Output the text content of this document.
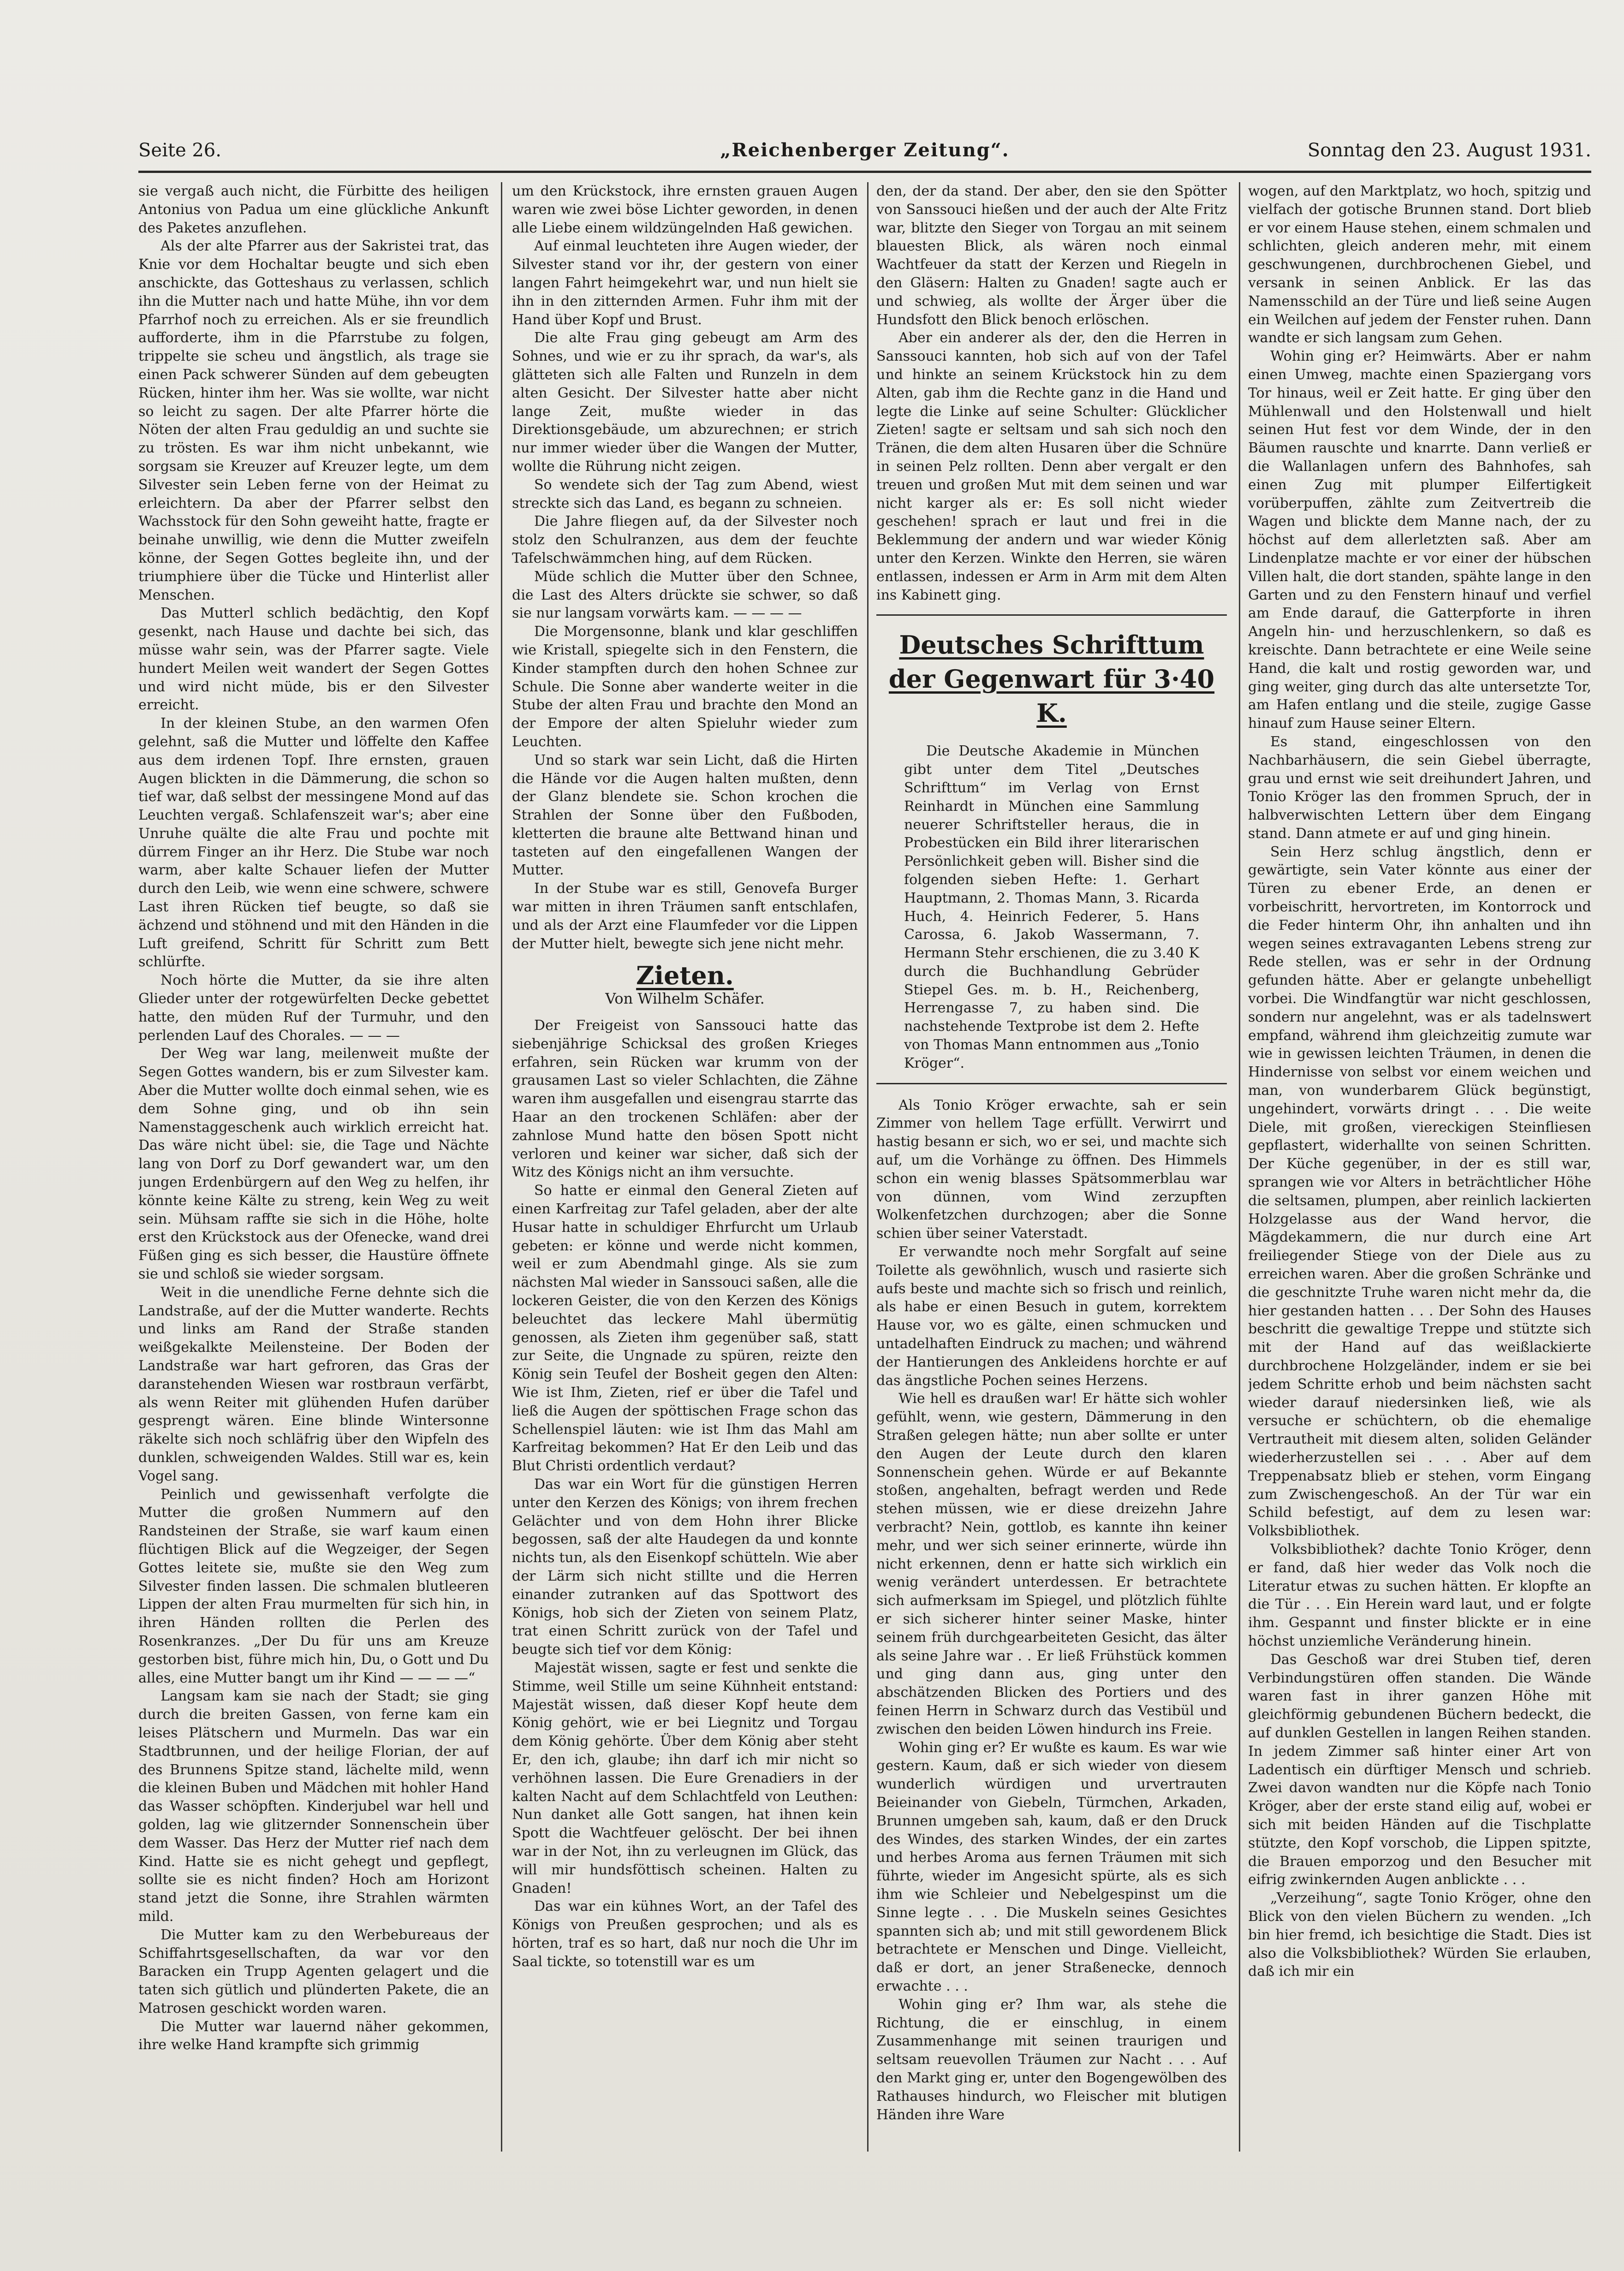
Seite 26.	„Reichenberger Zeitung“.	Sonntag den 23. August 1931.

sie vergaß auch nicht, die Fürbitte des heiligen Antonius von Padua um eine glückliche Ankunft des Paketes anzuflehen.

Als der alte Pfarrer aus der Sakristei trat, das Knie vor dem Hochaltar beugte und sich eben anschickte, das Gotteshaus zu verlassen, schlich ihn die Mutter nach und hatte Mühe, ihn vor dem Pfarrhof noch zu erreichen. Als er sie freundlich aufforderte, ihm in die Pfarrstube zu folgen, trippelte sie scheu und ängstlich, als trage sie einen Pack schwerer Sünden auf dem gebeugten Rücken, hinter ihm her. Was sie wollte, war nicht so leicht zu sagen. Der alte Pfarrer hörte die Nöten der alten Frau geduldig an und suchte sie zu trösten. Es war ihm nicht unbekannt, wie sorgsam sie Kreuzer auf Kreuzer legte, um dem Silvester sein Leben ferne von der Heimat zu erleichtern. Da aber der Pfarrer selbst den Wachsstock für den Sohn geweiht hatte, fragte er beinahe unwillig, wie denn die Mutter zweifeln könne, der Segen Gottes begleite ihn, und der triumphiere über die Tücke und Hinterlist aller Menschen.

Das Mutterl schlich bedächtig, den Kopf gesenkt, nach Hause und dachte bei sich, das müsse wahr sein, was der Pfarrer sagte. Viele hundert Meilen weit wandert der Segen Gottes und wird nicht müde, bis er den Silvester erreicht.

In der kleinen Stube, an den warmen Ofen gelehnt, saß die Mutter und löffelte den Kaffee aus dem irdenen Topf. Ihre ernsten, grauen Augen blickten in die Dämmerung, die schon so tief war, daß selbst der messingene Mond auf das Leuchten vergaß. Schlafenszeit war's; aber eine Unruhe quälte die alte Frau und pochte mit dürrem Finger an ihr Herz. Die Stube war noch warm, aber kalte Schauer liefen der Mutter durch den Leib, wie wenn eine schwere, schwere Last ihren Rücken tief beugte, so daß sie ächzend und stöhnend und mit den Händen in die Luft greifend, Schritt für Schritt zum Bett schlürfte.

Noch hörte die Mutter, da sie ihre alten Glieder unter der rotgewürfelten Decke gebettet hatte, den müden Ruf der Turmuhr, und den perlenden Lauf des Chorales. — — —

Der Weg war lang, meilenweit mußte der Segen Gottes wandern, bis er zum Silvester kam. Aber die Mutter wollte doch einmal sehen, wie es dem Sohne ging, und ob ihn sein Namenstaggeschenk auch wirklich erreicht hat. Das wäre nicht übel: sie, die Tage und Nächte lang von Dorf zu Dorf gewandert war, um den jungen Erdenbürgern auf den Weg zu helfen, ihr könnte keine Kälte zu streng, kein Weg zu weit sein. Mühsam raffte sie sich in die Höhe, holte erst den Krückstock aus der Ofenecke, wand drei Füßen ging es sich besser, die Haustüre öffnete sie und schloß sie wieder sorgsam.

Weit in die unendliche Ferne dehnte sich die Landstraße, auf der die Mutter wanderte. Rechts und links am Rand der Straße standen weißgekalkte Meilensteine. Der Boden der Landstraße war hart gefroren, das Gras der daranstehenden Wiesen war rostbraun verfärbt, als wenn Reiter mit glühenden Hufen darüber gesprengt wären. Eine blinde Wintersonne räkelte sich noch schläfrig über den Wipfeln des dunklen, schweigenden Waldes. Still war es, kein Vogel sang.

Peinlich und gewissenhaft verfolgte die Mutter die großen Nummern auf den Randsteinen der Straße, sie warf kaum einen flüchtigen Blick auf die Wegzeiger, der Segen Gottes leitete sie, mußte sie den Weg zum Silvester finden lassen. Die schmalen blutleeren Lippen der alten Frau murmelten für sich hin, in ihren Händen rollten die Perlen des Rosenkranzes. „Der Du für uns am Kreuze gestorben bist, führe mich hin, Du, o Gott und Du alles, eine Mutter bangt um ihr Kind — — — —“

Langsam kam sie nach der Stadt; sie ging durch die breiten Gassen, von ferne kam ein leises Plätschern und Murmeln. Das war ein Stadtbrunnen, und der heilige Florian, der auf des Brunnens Spitze stand, lächelte mild, wenn die kleinen Buben und Mädchen mit hohler Hand das Wasser schöpften. Kinderjubel war hell und golden, lag wie glitzernder Sonnenschein über dem Wasser. Das Herz der Mutter rief nach dem Kind. Hatte sie es nicht gehegt und gepflegt, sollte sie es nicht finden? Hoch am Horizont stand jetzt die Sonne, ihre Strahlen wärmten mild.

Die Mutter kam zu den Werbebureaus der Schiffahrtsgesellschaften, da war vor den Baracken ein Trupp Agenten gelagert und die taten sich gütlich und plünderten Pakete, die an Matrosen geschickt worden waren.

Die Mutter war lauernd näher gekommen, ihre welke Hand krampfte sich grimmig

um den Krückstock, ihre ernsten grauen Augen waren wie zwei böse Lichter geworden, in denen alle Liebe einem wildzüngelnden Haß gewichen.

Auf einmal leuchteten ihre Augen wieder, der Silvester stand vor ihr, der gestern von einer langen Fahrt heimgekehrt war, und nun hielt sie ihn in den zitternden Armen. Fuhr ihm mit der Hand über Kopf und Brust.

Die alte Frau ging gebeugt am Arm des Sohnes, und wie er zu ihr sprach, da war's, als glätteten sich alle Falten und Runzeln in dem alten Gesicht. Der Silvester hatte aber nicht lange Zeit, mußte wieder in das Direktionsgebäude, um abzurechnen; er strich nur immer wieder über die Wangen der Mutter, wollte die Rührung nicht zeigen.

So wendete sich der Tag zum Abend, wiest streckte sich das Land, es begann zu schneien.

Die Jahre fliegen auf, da der Silvester noch stolz den Schulranzen, aus dem der feuchte Tafelschwämmchen hing, auf dem Rücken.

Müde schlich die Mutter über den Schnee, die Last des Alters drückte sie schwer, so daß sie nur langsam vorwärts kam. — — — —

Die Morgensonne, blank und klar geschliffen wie Kristall, spiegelte sich in den Fenstern, die Kinder stampften durch den hohen Schnee zur Schule. Die Sonne aber wanderte weiter in die Stube der alten Frau und brachte den Mond an der Empore der alten Spieluhr wieder zum Leuchten.

Und so stark war sein Licht, daß die Hirten die Hände vor die Augen halten mußten, denn der Glanz blendete sie. Schon krochen die Strahlen der Sonne über den Fußboden, kletterten die braune alte Bettwand hinan und tasteten auf den eingefallenen Wangen der Mutter.

In der Stube war es still, Genovefa Burger war mitten in ihren Träumen sanft entschlafen, und als der Arzt eine Flaumfeder vor die Lippen der Mutter hielt, bewegte sich jene nicht mehr.

Zieten.
Von Wilhelm Schäfer.

Der Freigeist von Sanssouci hatte das siebenjährige Schicksal des großen Krieges erfahren, sein Rücken war krumm von der grausamen Last so vieler Schlachten, die Zähne waren ihm ausgefallen und eisengrau starrte das Haar an den trockenen Schläfen: aber der zahnlose Mund hatte den bösen Spott nicht verloren und keiner war sicher, daß sich der Witz des Königs nicht an ihm versuchte.

So hatte er einmal den General Zieten auf einen Karfreitag zur Tafel geladen, aber der alte Husar hatte in schuldiger Ehrfurcht um Urlaub gebeten: er könne und werde nicht kommen, weil er zum Abendmahl ginge. Als sie zum nächsten Mal wieder in Sanssouci saßen, alle die lockeren Geister, die von den Kerzen des Königs beleuchtet das leckere Mahl übermütig genossen, als Zieten ihm gegenüber saß, statt zur Seite, die Ungnade zu spüren, reizte den König sein Teufel der Bosheit gegen den Alten: Wie ist Ihm, Zieten, rief er über die Tafel und ließ die Augen der spöttischen Frage schon das Schellenspiel läuten: wie ist Ihm das Mahl am Karfreitag bekommen? Hat Er den Leib und das Blut Christi ordentlich verdaut?

Das war ein Wort für die günstigen Herren unter den Kerzen des Königs; von ihrem frechen Gelächter und von dem Hohn ihrer Blicke begossen, saß der alte Haudegen da und konnte nichts tun, als den Eisenkopf schütteln. Wie aber der Lärm sich nicht stillte und die Herren einander zutranken auf das Spottwort des Königs, hob sich der Zieten von seinem Platz, trat einen Schritt zurück von der Tafel und beugte sich tief vor dem König:

Majestät wissen, sagte er fest und senkte die Stimme, weil Stille um seine Kühnheit entstand: Majestät wissen, daß dieser Kopf heute dem König gehört, wie er bei Liegnitz und Torgau dem König gehörte. Über dem König aber steht Er, den ich, glaube; ihn darf ich mir nicht so verhöhnen lassen. Die Eure Grenadiers in der kalten Nacht auf dem Schlachtfeld von Leuthen: Nun danket alle Gott sangen, hat ihnen kein Spott die Wachtfeuer gelöscht. Der bei ihnen war in der Not, ihn zu verleugnen im Glück, das will mir hundsföttisch scheinen. Halten zu Gnaden!

Das war ein kühnes Wort, an der Tafel des Königs von Preußen gesprochen; und als es hörten, traf es so hart, daß nur noch die Uhr im Saal tickte, so totenstill war es um

den, der da stand. Der aber, den sie den Spötter von Sanssouci hießen und der auch der Alte Fritz war, blitzte den Sieger von Torgau an mit seinem blauesten Blick, als wären noch einmal Wachtfeuer da statt der Kerzen und Riegeln in den Gläsern: Halten zu Gnaden! sagte auch er und schwieg, als wollte der Ärger über die Hundsfott den Blick benoch erlöschen.

Aber ein anderer als der, den die Herren in Sanssouci kannten, hob sich auf von der Tafel und hinkte an seinem Krückstock hin zu dem Alten, gab ihm die Rechte ganz in die Hand und legte die Linke auf seine Schulter: Glücklicher Zieten! sagte er seltsam und sah sich noch den Tränen, die dem alten Husaren über die Schnüre in seinen Pelz rollten. Denn aber vergalt er den treuen und großen Mut mit dem seinen und war nicht karger als er: Es soll nicht wieder geschehen! sprach er laut und frei in die Beklemmung der andern und war wieder König unter den Kerzen. Winkte den Herren, sie wären entlassen, indessen er Arm in Arm mit dem Alten ins Kabinett ging.

Deutsches Schrifttum der Gegenwart für 3·40 K.

Die Deutsche Akademie in München gibt unter dem Titel „Deutsches Schrifttum“ im Verlag von Ernst Reinhardt in München eine Sammlung neuerer Schriftsteller heraus, die in Probestücken ein Bild ihrer literarischen Persönlichkeit geben will. Bisher sind die folgenden sieben Hefte: 1. Gerhart Hauptmann, 2. Thomas Mann, 3. Ricarda Huch, 4. Heinrich Federer, 5. Hans Carossa, 6. Jakob Wassermann, 7. Hermann Stehr erschienen, die zu 3.40 K durch die Buchhandlung Gebrüder Stiepel Ges. m. b. H., Reichenberg, Herrengasse 7, zu haben sind. Die nachstehende Textprobe ist dem 2. Hefte von Thomas Mann entnommen aus „Tonio Kröger“.

Als Tonio Kröger erwachte, sah er sein Zimmer von hellem Tage erfüllt. Verwirrt und hastig besann er sich, wo er sei, und machte sich auf, um die Vorhänge zu öffnen. Des Himmels schon ein wenig blasses Spätsommerblau war von dünnen, vom Wind zerzupften Wolkenfetzchen durchzogen; aber die Sonne schien über seiner Vaterstadt.

Er verwandte noch mehr Sorgfalt auf seine Toilette als gewöhnlich, wusch und rasierte sich aufs beste und machte sich so frisch und reinlich, als habe er einen Besuch in gutem, korrektem Hause vor, wo es gälte, einen schmucken und untadelhaften Eindruck zu machen; und während der Hantierungen des Ankleidens horchte er auf das ängstliche Pochen seines Herzens.

Wie hell es draußen war! Er hätte sich wohler gefühlt, wenn, wie gestern, Dämmerung in den Straßen gelegen hätte; nun aber sollte er unter den Augen der Leute durch den klaren Sonnenschein gehen. Würde er auf Bekannte stoßen, angehalten, befragt werden und Rede stehen müssen, wie er diese dreizehn Jahre verbracht? Nein, gottlob, es kannte ihn keiner mehr, und wer sich seiner erinnerte, würde ihn nicht erkennen, denn er hatte sich wirklich ein wenig verändert unterdessen. Er betrachtete sich aufmerksam im Spiegel, und plötzlich fühlte er sich sicherer hinter seiner Maske, hinter seinem früh durchgearbeiteten Gesicht, das älter als seine Jahre war . . Er ließ Frühstück kommen und ging dann aus, ging unter den abschätzenden Blicken des Portiers und des feinen Herrn in Schwarz durch das Vestibül und zwischen den beiden Löwen hindurch ins Freie.

Wohin ging er? Er wußte es kaum. Es war wie gestern. Kaum, daß er sich wieder von diesem wunderlich würdigen und urvertrauten Beieinander von Giebeln, Türmchen, Arkaden, Brunnen umgeben sah, kaum, daß er den Druck des Windes, des starken Windes, der ein zartes und herbes Aroma aus fernen Träumen mit sich führte, wieder im Angesicht spürte, als es sich ihm wie Schleier und Nebelgespinst um die Sinne legte . . . Die Muskeln seines Gesichtes spannten sich ab; und mit still gewordenem Blick betrachtete er Menschen und Dinge. Vielleicht, daß er dort, an jener Straßenecke, dennoch erwachte . . .

Wohin ging er? Ihm war, als stehe die Richtung, die er einschlug, in einem Zusammenhange mit seinen traurigen und seltsam reuevollen Träumen zur Nacht . . . Auf den Markt ging er, unter den Bogengewölben des Rathauses hindurch, wo Fleischer mit blutigen Händen ihre Ware

wogen, auf den Marktplatz, wo hoch, spitzig und vielfach der gotische Brunnen stand. Dort blieb er vor einem Hause stehen, einem schmalen und schlichten, gleich anderen mehr, mit einem geschwungenen, durchbrochenen Giebel, und versank in seinen Anblick. Er las das Namensschild an der Türe und ließ seine Augen ein Weilchen auf jedem der Fenster ruhen. Dann wandte er sich langsam zum Gehen.

Wohin ging er? Heimwärts. Aber er nahm einen Umweg, machte einen Spaziergang vors Tor hinaus, weil er Zeit hatte. Er ging über den Mühlenwall und den Holstenwall und hielt seinen Hut fest vor dem Winde, der in den Bäumen rauschte und knarrte. Dann verließ er die Wallanlagen unfern des Bahnhofes, sah einen Zug mit plumper Eilfertigkeit vorüberpuffen, zählte zum Zeitvertreib die Wagen und blickte dem Manne nach, der zu höchst auf dem allerletzten saß. Aber am Lindenplatze machte er vor einer der hübschen Villen halt, die dort standen, spähte lange in den Garten und zu den Fenstern hinauf und verfiel am Ende darauf, die Gatterpforte in ihren Angeln hin- und herzuschlenkern, so daß es kreischte. Dann betrachtete er eine Weile seine Hand, die kalt und rostig geworden war, und ging weiter, ging durch das alte untersetzte Tor, am Hafen entlang und die steile, zugige Gasse hinauf zum Hause seiner Eltern.

Es stand, eingeschlossen von den Nachbarhäusern, die sein Giebel überragte, grau und ernst wie seit dreihundert Jahren, und Tonio Kröger las den frommen Spruch, der in halbverwischten Lettern über dem Eingang stand. Dann atmete er auf und ging hinein.

Sein Herz schlug ängstlich, denn er gewärtigte, sein Vater könnte aus einer der Türen zu ebener Erde, an denen er vorbeischritt, hervortreten, im Kontorrock und die Feder hinterm Ohr, ihn anhalten und ihn wegen seines extravaganten Lebens streng zur Rede stellen, was er sehr in der Ordnung gefunden hätte. Aber er gelangte unbehelligt vorbei. Die Windfangtür war nicht geschlossen, sondern nur angelehnt, was er als tadelnswert empfand, während ihm gleichzeitig zumute war wie in gewissen leichten Träumen, in denen die Hindernisse von selbst vor einem weichen und man, von wunderbarem Glück begünstigt, ungehindert, vorwärts dringt . . . Die weite Diele, mit großen, viereckigen Steinfliesen gepflastert, widerhallte von seinen Schritten. Der Küche gegenüber, in der es still war, sprangen wie vor Alters in beträchtlicher Höhe die seltsamen, plumpen, aber reinlich lackierten Holzgelasse aus der Wand hervor, die Mägdekammern, die nur durch eine Art freiliegender Stiege von der Diele aus zu erreichen waren. Aber die großen Schränke und die geschnitzte Truhe waren nicht mehr da, die hier gestanden hatten . . . Der Sohn des Hauses beschritt die gewaltige Treppe und stützte sich mit der Hand auf das weißlackierte durchbrochene Holzgeländer, indem er sie bei jedem Schritte erhob und beim nächsten sacht wieder darauf niedersinken ließ, wie als versuche er schüchtern, ob die ehemalige Vertrautheit mit diesem alten, soliden Geländer wiederherzustellen sei . . . Aber auf dem Treppenabsatz blieb er stehen, vorm Eingang zum Zwischengeschoß. An der Tür war ein Schild befestigt, auf dem zu lesen war: Volksbibliothek.

Volksbibliothek? dachte Tonio Kröger, denn er fand, daß hier weder das Volk noch die Literatur etwas zu suchen hätten. Er klopfte an die Tür . . . Ein Herein ward laut, und er folgte ihm. Gespannt und finster blickte er in eine höchst unziemliche Veränderung hinein.

Das Geschoß war drei Stuben tief, deren Verbindungstüren offen standen. Die Wände waren fast in ihrer ganzen Höhe mit gleichförmig gebundenen Büchern bedeckt, die auf dunklen Gestellen in langen Reihen standen. In jedem Zimmer saß hinter einer Art von Ladentisch ein dürftiger Mensch und schrieb. Zwei davon wandten nur die Köpfe nach Tonio Kröger, aber der erste stand eilig auf, wobei er sich mit beiden Händen auf die Tischplatte stützte, den Kopf vorschob, die Lippen spitzte, die Brauen emporzog und den Besucher mit eifrig zwinkernden Augen anblickte . . .

„Verzeihung“, sagte Tonio Kröger, ohne den Blick von den vielen Büchern zu wenden. „Ich bin hier fremd, ich besichtige die Stadt. Dies ist also die Volksbibliothek? Würden Sie erlauben, daß ich mir ein
